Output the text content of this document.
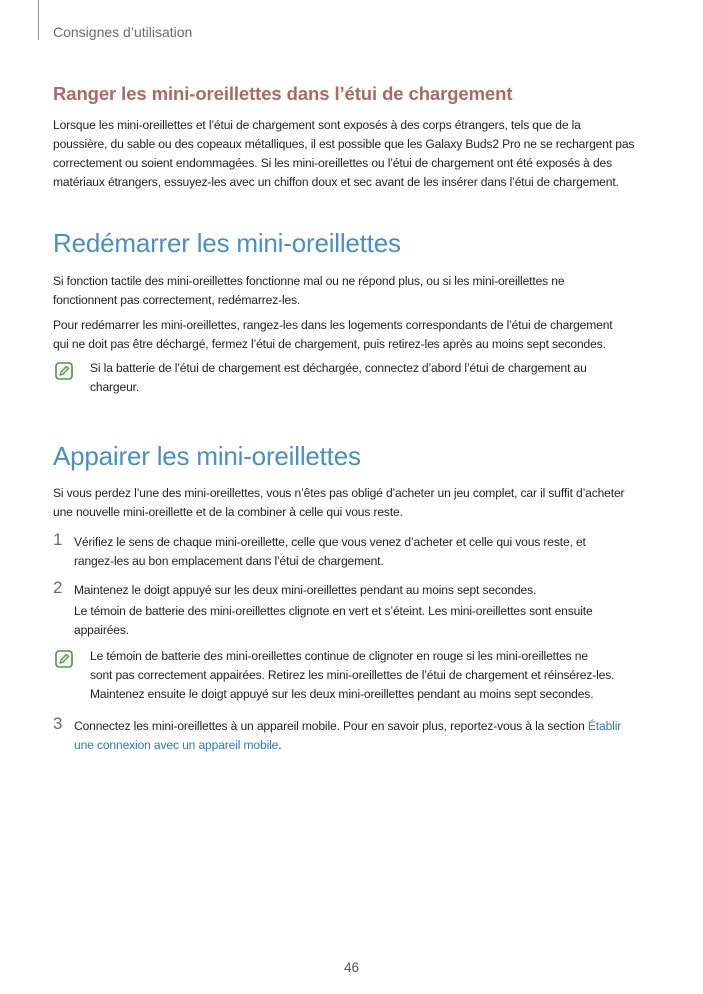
Consignes d’utilisation
Ranger les mini-oreillettes dans l’étui de chargement
Lorsque les mini-oreillettes et l’étui de chargement sont exposés à des corps étrangers, tels que de la
poussière, du sable ou des copeaux métalliques, il est possible que les Galaxy Buds2 Pro ne se rechargent pas
correctement ou soient endommagées. Si les mini-oreillettes ou l’étui de chargement ont été exposés à des
matériaux étrangers, essuyez-les avec un chiffon doux et sec avant de les insérer dans l’étui de chargement.
Redémarrer les mini-oreillettes
Si fonction tactile des mini-oreillettes fonctionne mal ou ne répond plus, ou si les mini-oreillettes ne
fonctionnent pas correctement, redémarrez-les.
Pour redémarrer les mini-oreillettes, rangez-les dans les logements correspondants de l’étui de chargement
qui ne doit pas être déchargé, fermez l’étui de chargement, puis retirez-les après au moins sept secondes.
Si la batterie de l’étui de chargement est déchargée, connectez d’abord l’étui de chargement au
chargeur.
Appairer les mini-oreillettes
Si vous perdez l’une des mini-oreillettes, vous n’êtes pas obligé d’acheter un jeu complet, car il suffit d’acheter
une nouvelle mini-oreillette et de la combiner à celle qui vous reste.
1 Vérifiez le sens de chaque mini-oreillette, celle que vous venez d’acheter et celle qui vous reste, et
rangez-les au bon emplacement dans l’étui de chargement.
2 Maintenez le doigt appuyé sur les deux mini-oreillettes pendant au moins sept secondes.
Le témoin de batterie des mini-oreillettes clignote en vert et s’éteint. Les mini-oreillettes sont ensuite
appairées.
Le témoin de batterie des mini-oreillettes continue de clignoter en rouge si les mini-oreillettes ne
sont pas correctement appairées. Retirez les mini-oreillettes de l’étui de chargement et réinsérez-les.
Maintenez ensuite le doigt appuyé sur les deux mini-oreillettes pendant au moins sept secondes.
3 Connectez les mini-oreillettes à un appareil mobile. Pour en savoir plus, reportez-vous à la section Établir
une connexion avec un appareil mobile.
46
